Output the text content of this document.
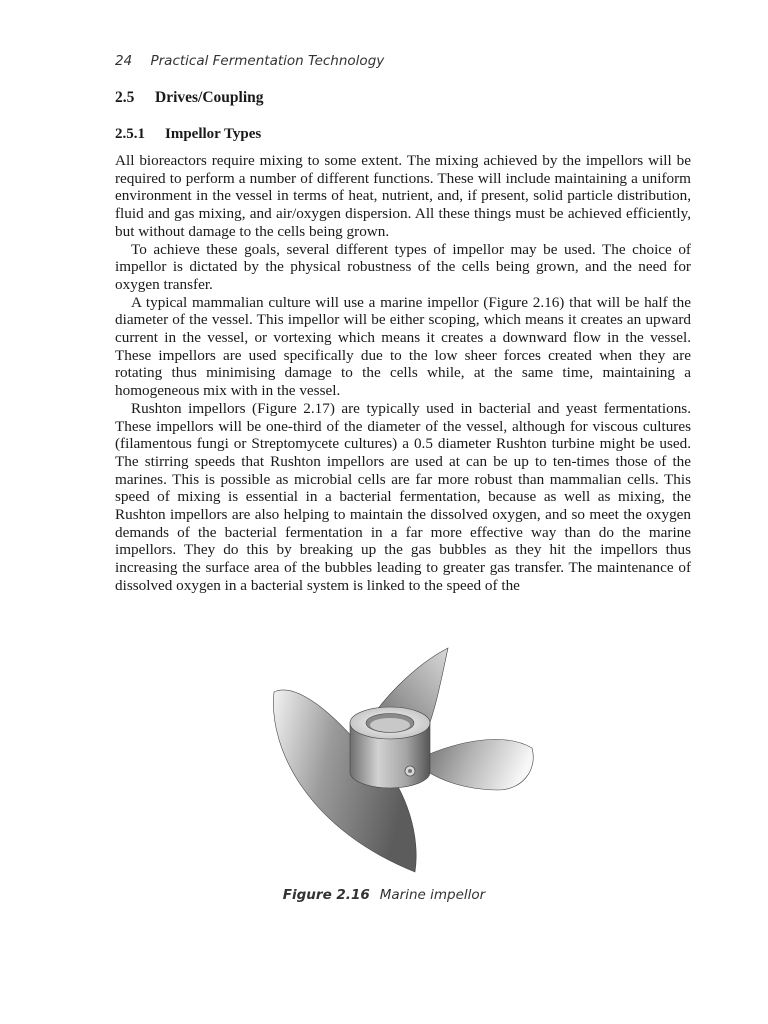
24 Practical Fermentation Technology
2.5 Drives/Coupling
2.5.1 Impellor Types

All bioreactors require mixing to some extent. The mixing achieved by the impellors will be required to perform a number of different functions. These will include maintaining a uniform environment in the vessel in terms of heat, nutrient, and, if present, solid particle distribution, fluid and gas mixing, and air/oxygen dispersion. All these things must be achieved efficiently, but without damage to the cells being grown.

To achieve these goals, several different types of impellor may be used. The choice of impellor is dictated by the physical robustness of the cells being grown, and the need for oxygen transfer.

A typical mammalian culture will use a marine impellor (Figure 2.16) that will be half the diameter of the vessel. This impellor will be either scoping, which means it creates an upward current in the vessel, or vortexing which means it creates a downward flow in the vessel. These impellors are used specifically due to the low sheer forces created when they are rotating thus minimising damage to the cells while, at the same time, maintaining a homogeneous mix with in the vessel.

Rushton impellors (Figure 2.17) are typically used in bacterial and yeast fermentations. These impellors will be one-third of the diameter of the vessel, although for viscous cultures (filamentous fungi or Streptomycete cultures) a 0.5 diameter Rushton turbine might be used. The stirring speeds that Rushton impellors are used at can be up to ten-times those of the marines. This is possible as microbial cells are far more robust than mammalian cells. This speed of mixing is essential in a bacterial fermentation, because as well as mixing, the Rushton impellors are also helping to maintain the dissolved oxygen, and so meet the oxygen demands of the bacterial fermentation in a far more effective way than do the marine impellors. They do this by breaking up the gas bubbles as they hit the impellors thus increasing the surface area of the bubbles leading to greater gas transfer. The maintenance of dissolved oxygen in a bacterial system is linked to the speed of the

Figure 2.16 Marine impellor
